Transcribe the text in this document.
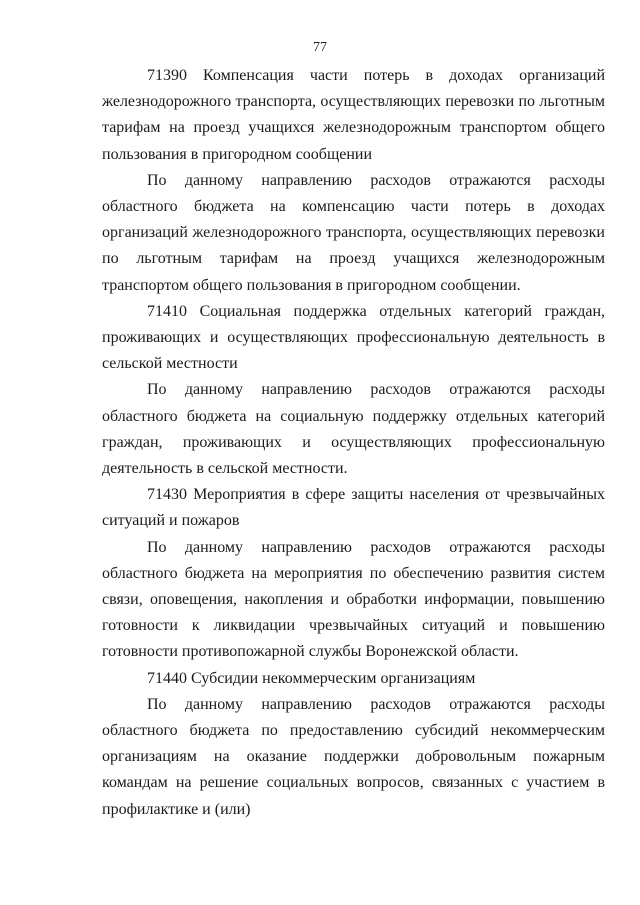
77

71390 Компенсация части потерь в доходах организаций железнодорожного транспорта, осуществляющих перевозки по льготным тарифам на проезд учащихся железнодорожным транспортом общего пользования в пригородном сообщении

По данному направлению расходов отражаются расходы областного бюджета на компенсацию части потерь в доходах организаций железнодорожного транспорта, осуществляющих перевозки по льготным тарифам на проезд учащихся железнодорожным транспортом общего пользования в пригородном сообщении.

71410 Социальная поддержка отдельных категорий граждан, проживающих и осуществляющих профессиональную деятельность в сельской местности

По данному направлению расходов отражаются расходы областного бюджета на социальную поддержку отдельных категорий граждан, проживающих и осуществляющих профессиональную деятельность в сельской местности.

71430 Мероприятия в сфере защиты населения от чрезвычайных ситуаций и пожаров

По данному направлению расходов отражаются расходы областного бюджета на мероприятия по обеспечению развития систем связи, оповещения, накопления и обработки информации, повышению готовности к ликвидации чрезвычайных ситуаций и повышению готовности противопожарной службы Воронежской области.

71440 Субсидии некоммерческим организациям

По данному направлению расходов отражаются расходы областного бюджета по предоставлению субсидий некоммерческим организациям на оказание поддержки добровольным пожарным командам на решение социальных вопросов, связанных с участием в профилактике и (или)
